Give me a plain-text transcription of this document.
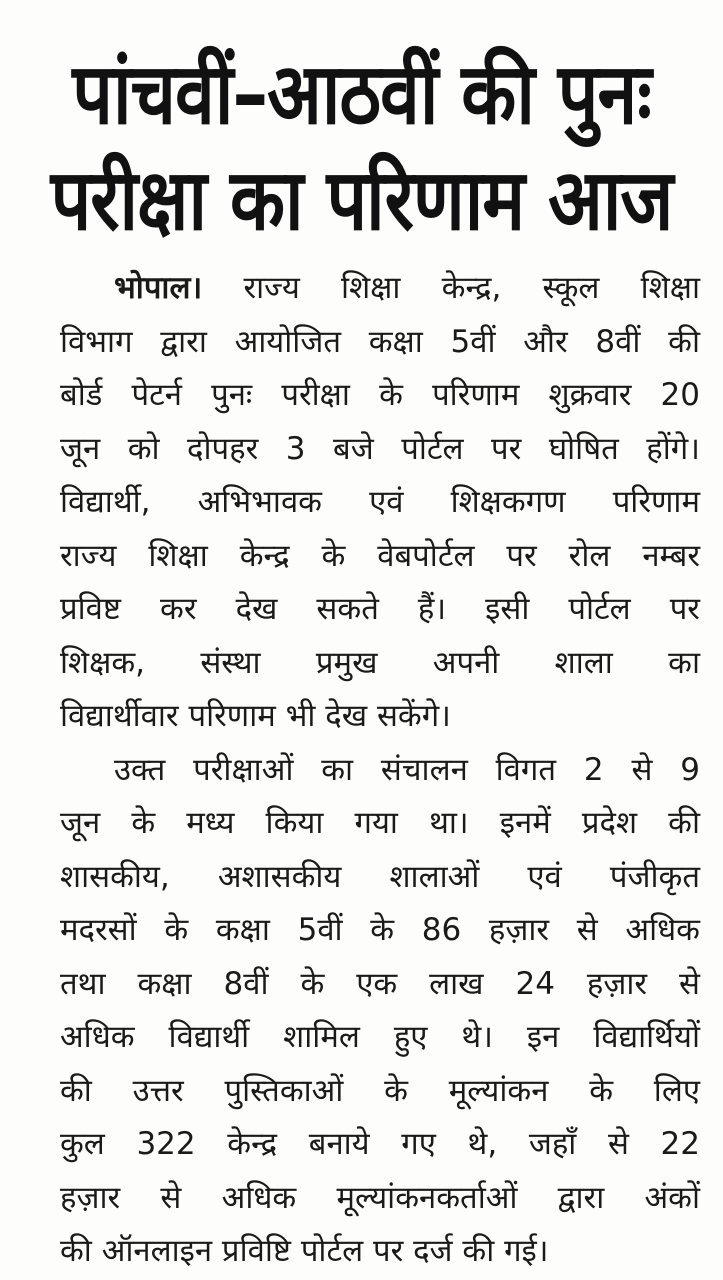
पांचवीं–आठवीं की पुनः
परीक्षा का परिणाम आज
भोपाल। राज्य शिक्षा केन्द्र, स्कूल शिक्षा
विभाग द्वारा आयोजित कक्षा 5वीं और 8वीं की
बोर्ड पेटर्न पुनः परीक्षा के परिणाम शुक्रवार 20
जून को दोपहर 3 बजे पोर्टल पर घोषित होंगे।
विद्यार्थी, अभिभावक एवं शिक्षकगण परिणाम
राज्य शिक्षा केन्द्र के वेबपोर्टल पर रोल नम्बर
प्रविष्ट कर देख सकते हैं। इसी पोर्टल पर
शिक्षक, संस्था प्रमुख अपनी शाला का
विद्यार्थीवार परिणाम भी देख सकेंगे।
उक्त परीक्षाओं का संचालन विगत 2 से 9
जून के मध्य किया गया था। इनमें प्रदेश की
शासकीय, अशासकीय शालाओं एवं पंजीकृत
मदरसों के कक्षा 5वीं के 86 हज़ार से अधिक
तथा कक्षा 8वीं के एक लाख 24 हज़ार से
अधिक विद्यार्थी शामिल हुए थे। इन विद्यार्थियों
की उत्तर पुस्तिकाओं के मूल्यांकन के लिए
कुल 322 केन्द्र बनाये गए थे, जहाँ से 22
हज़ार से अधिक मूल्यांकनकर्ताओं द्वारा अंकों
की ऑनलाइन प्रविष्टि पोर्टल पर दर्ज की गई।
